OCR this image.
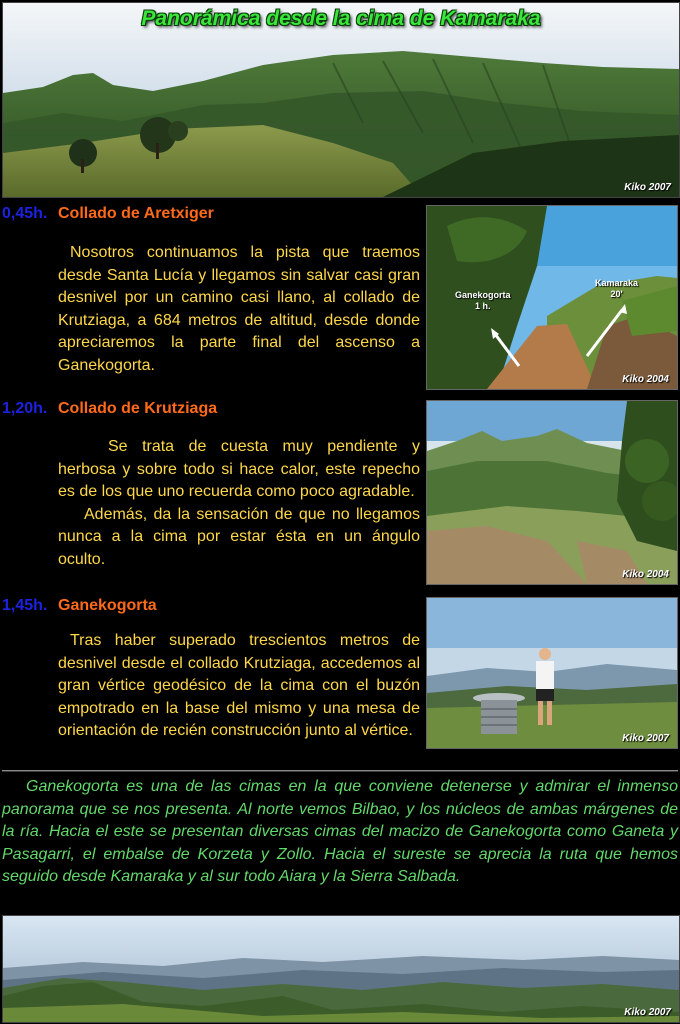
Panorámica desde la cima de Kamaraka
Kiko 2007
0,45h. Collado de Aretxiger

Nosotros continuamos la pista que traemos desde Santa Lucía y llegamos sin salvar casi gran desnivel por un camino casi llano, al collado de Krutziaga, a 684 metros de altitud, desde donde apreciaremos la parte final del ascenso a Ganekogorta.

Ganekogorta
1 h.
Kamaraka
20'
Kiko 2004
1,20h. Collado de Krutziaga

Se trata de cuesta muy pendiente y herbosa y sobre todo si hace calor, este repecho es de los que uno recuerda como poco agradable.

Además, da la sensación de que no llegamos nunca a la cima por estar ésta en un ángulo oculto.

Kiko 2004
1,45h. Ganekogorta

Tras haber superado trescientos metros de desnivel desde el collado Krutziaga, accedemos al gran vértice geodésico de la cima con el buzón empotrado en la base del mismo y una mesa de orientación de recién construcción junto al vértice.	Kiko 2007
Ganekogorta es una de las cimas en la que conviene detenerse y admirar el inmenso panorama que se nos presenta. Al norte vemos Bilbao, y los núcleos de ambas márgenes de la ría. Hacia el este se presentan diversas cimas del macizo de Ganekogorta como Ganeta y Pasagarri, el embalse de Korzeta y Zollo. Hacia el sureste se aprecia la ruta que hemos seguido desde Kamaraka y al sur todo Aiara y la Sierra Salbada.
Kiko 2007
